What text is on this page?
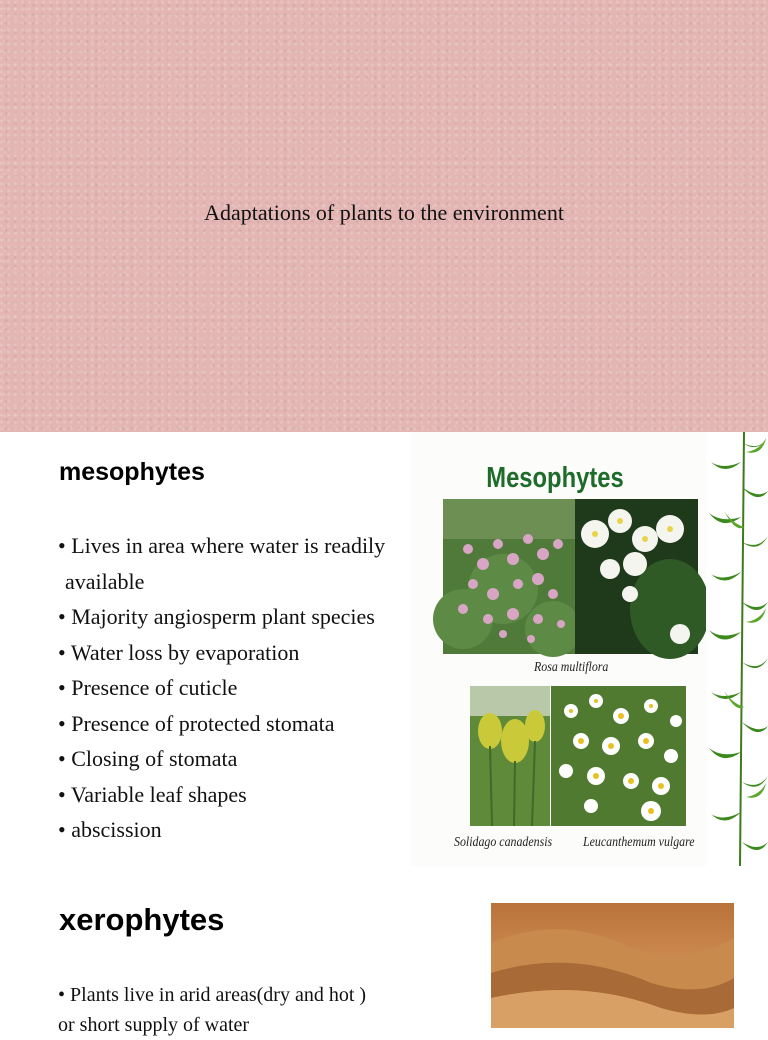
Adaptations of plants to the environment
mesophytes
• Lives in area where water is readily
available
• Majority angiosperm plant species
• Water loss by evaporation
• Presence of cuticle
• Presence of protected stomata
• Closing of stomata
• Variable leaf shapes
• abscission
Mesophytes
Rosa multiflora
Solidago canadensis Leucanthemum vulgare
xerophytes
• Plants live in arid areas(dry and hot )
or short supply of water
